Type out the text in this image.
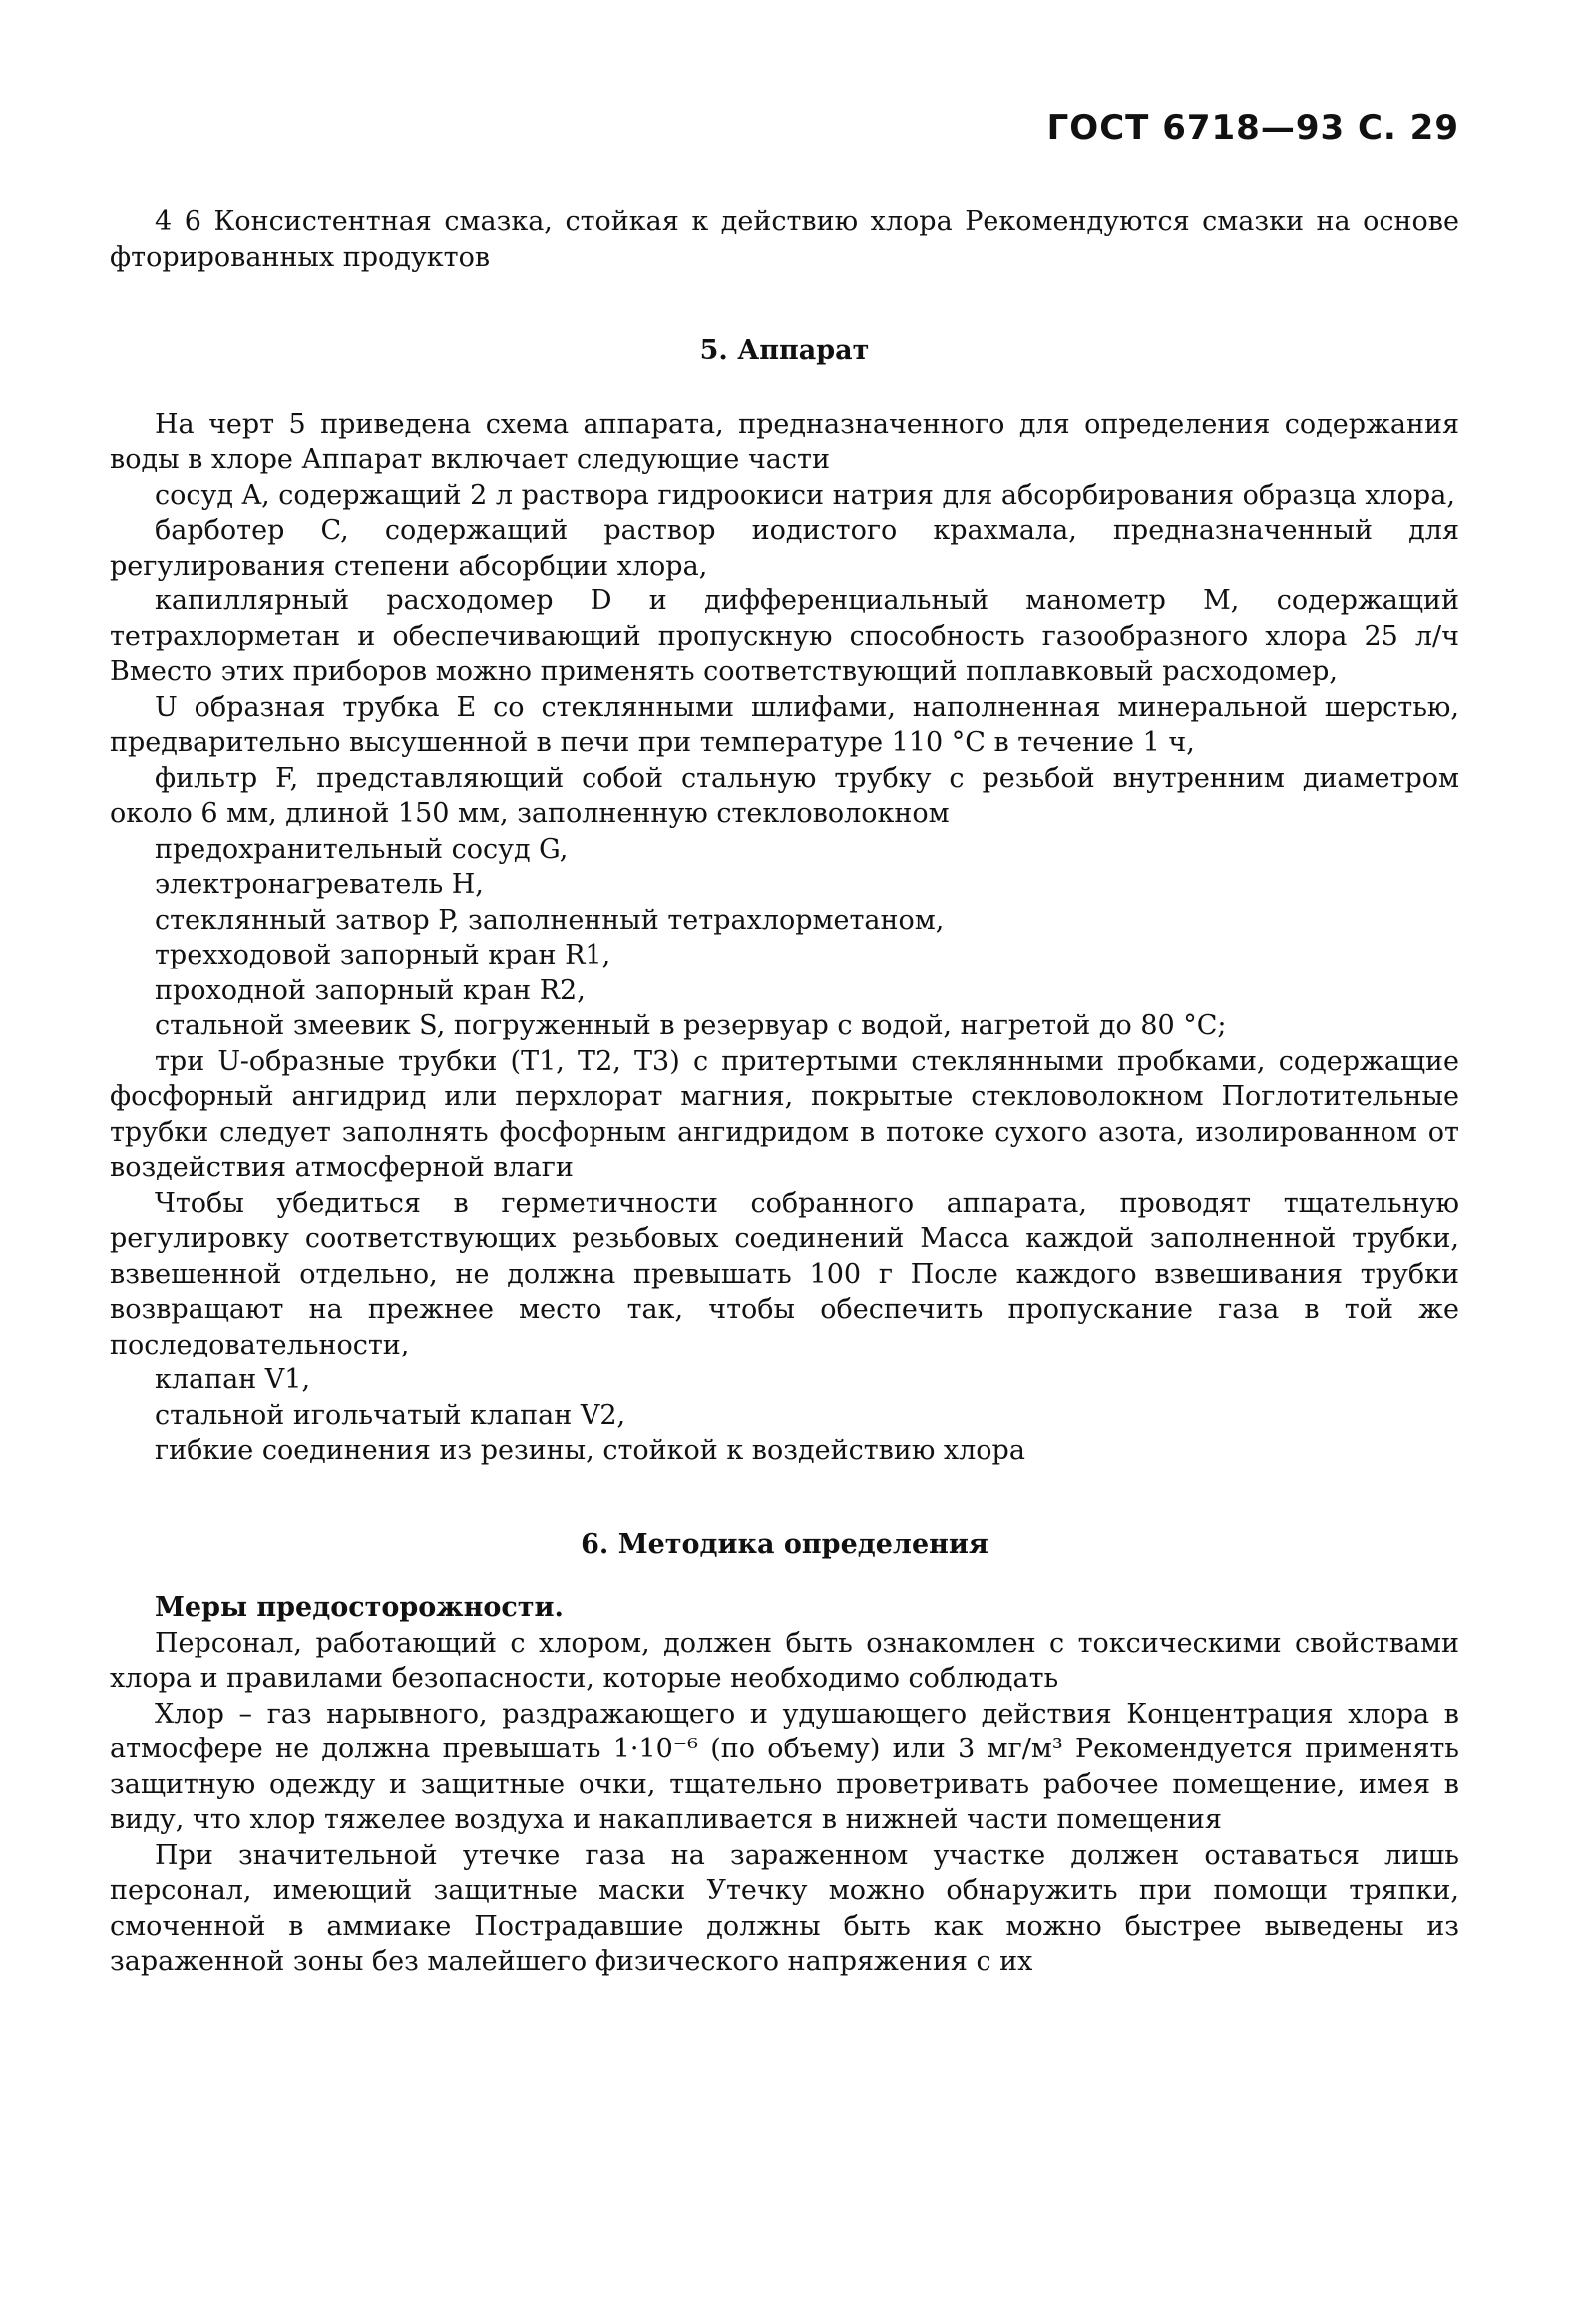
ГОСТ 6718—93 С. 29

4 6 Консистентная смазка, стойкая к действию хлора Рекомендуются смазки на основе фторированных продуктов

5. Аппарат

На черт 5 приведена схема аппарата, предназначенного для определения содержания воды в хлоре Аппарат включает следующие части

сосуд A, содержащий 2 л раствора гидроокиси натрия для абсорбирования образца хлора,

барботер C, содержащий раствор иодистого крахмала, предназначенный для регулирования степени абсорбции хлора,

капиллярный расходомер D и дифференциальный манометр M, содержащий тетрахлорметан и обеспечивающий пропускную способность газообразного хлора 25 л/ч Вместо этих приборов можно применять соответствующий поплавковый расходомер,

U образная трубка E со стеклянными шлифами, наполненная минеральной шерстью, предварительно высушенной в печи при температуре 110 °C в течение 1 ч,

фильтр F, представляющий собой стальную трубку с резьбой внутренним диаметром около 6 мм, длиной 150 мм, заполненную стекловолокном

предохранительный сосуд G,

электронагреватель H,

стеклянный затвор P, заполненный тетрахлорметаном,

трехходовой запорный кран R1,

проходной запорный кран R2,

стальной змеевик S, погруженный в резервуар с водой, нагретой до 80 °C;

три U-образные трубки (T1, T2, T3) с притертыми стеклянными пробками, содержащие фосфорный ангидрид или перхлорат магния, покрытые стекловолокном Поглотительные трубки следует заполнять фосфорным ангидридом в потоке сухого азота, изолированном от воздействия атмосферной влаги

Чтобы убедиться в герметичности собранного аппарата, проводят тщательную регулировку соответствующих резьбовых соединений Масса каждой заполненной трубки, взвешенной отдельно, не должна превышать 100 г После каждого взвешивания трубки возвращают на прежнее место так, чтобы обеспечить пропускание газа в той же последовательности,

клапан V1,

стальной игольчатый клапан V2,

гибкие соединения из резины, стойкой к воздействию хлора

6. Методика определения

Меры предосторожности.

Персонал, работающий с хлором, должен быть ознакомлен с токсическими свойствами хлора и правилами безопасности, которые необходимо соблюдать

Хлор – газ нарывного, раздражающего и удушающего действия Концентрация хлора в атмосфере не должна превышать 1·10⁻⁶ (по объему) или 3 мг/м³ Рекомендуется применять защитную одежду и защитные очки, тщательно проветривать рабочее помещение, имея в виду, что хлор тяжелее воздуха и накапливается в нижней части помещения

При значительной утечке газа на зараженном участке должен оставаться лишь персонал, имеющий защитные маски Утечку можно обнаружить при помощи тряпки, смоченной в аммиаке Пострадавшие должны быть как можно быстрее выведены из зараженной зоны без малейшего физического напряжения с их
